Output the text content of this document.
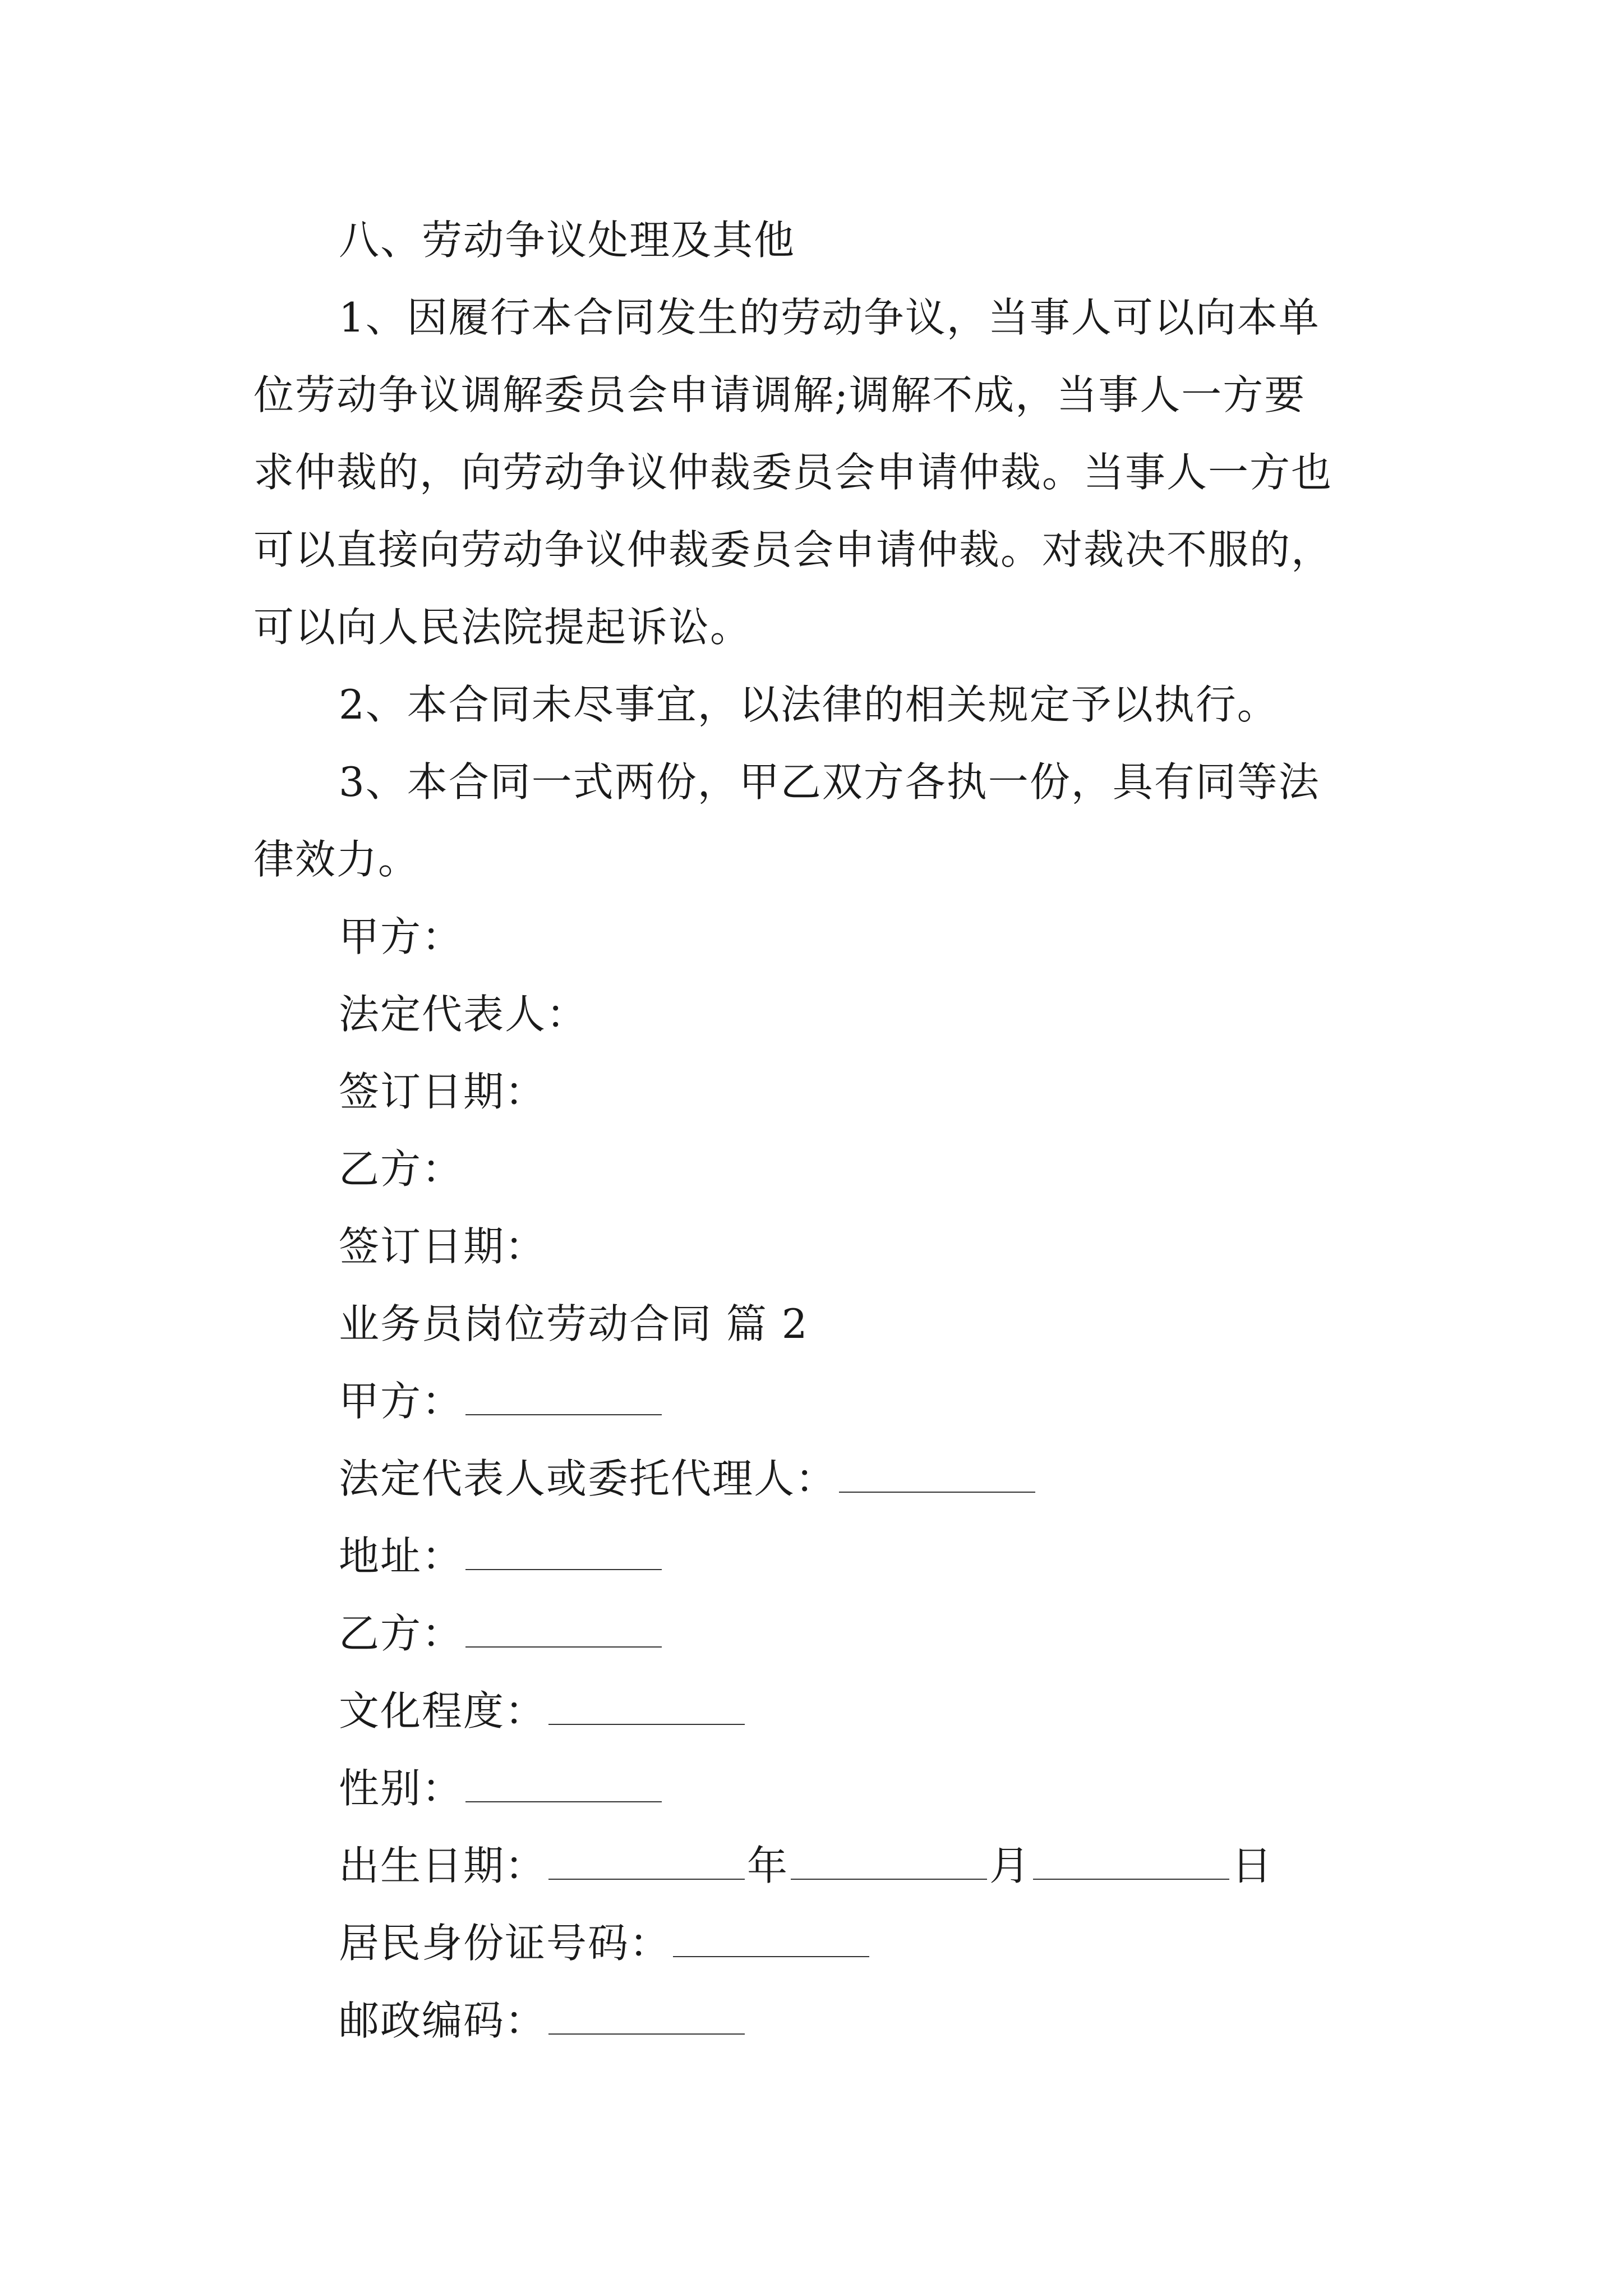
八、劳动争议处理及其他
1、因履行本合同发生的劳动争议，当事人可以向本单
位劳动争议调解委员会申请调解;调解不成，当事人一方要
求仲裁的，向劳动争议仲裁委员会申请仲裁。当事人一方也
可以直接向劳动争议仲裁委员会申请仲裁。对裁决不服的，
可以向人民法院提起诉讼。
2、本合同未尽事宜，以法律的相关规定予以执行。
3、本合同一式两份，甲乙双方各执一份，具有同等法
律效力。
甲方：
法定代表人：
签订日期：
乙方：
签订日期：
业务员岗位劳动合同 篇 2
甲方：
法定代表人或委托代理人：
地址：
乙方：
文化程度：
性别：
出生日期：	年	月	日
居民身份证号码：
邮政编码：
